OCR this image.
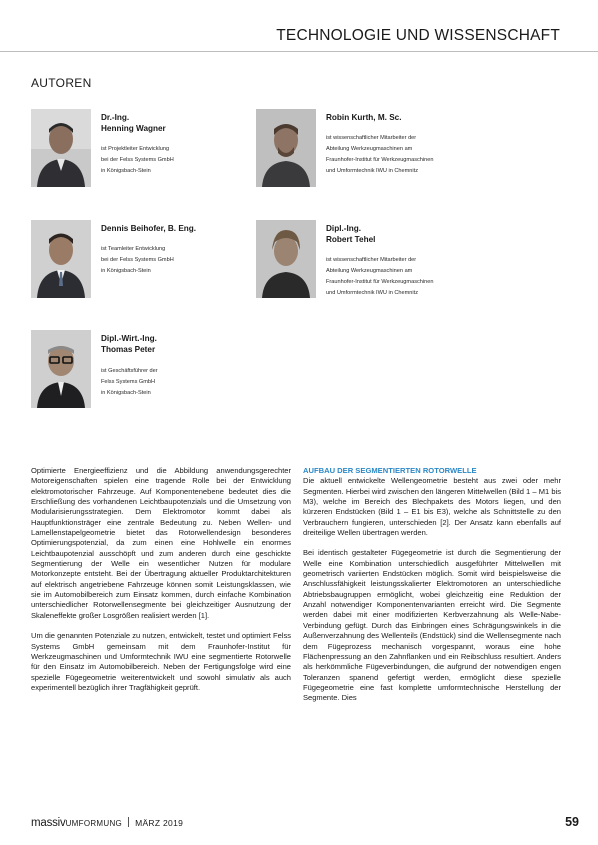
TECHNOLOGIE UND WISSENSCHAFT
AUTOREN
Dr.-Ing.
Henning Wagner
ist Projektleiter Entwicklung
bei der Felss Systems GmbH
in Königsbach-Stein
Robin Kurth, M. Sc.
ist wissenschaftlicher Mitarbeiter der
Abteilung Werkzeugmaschinen am
Fraunhofer-Institut für Werkzeugmaschinen
und Umformtechnik IWU in Chemnitz
Dennis Beihofer, B. Eng.
ist Teamleiter Entwicklung
bei der Felss Systems GmbH
in Königsbach-Stein
Dipl.-Ing.
Robert Tehel
ist wissenschaftlicher Mitarbeiter der
Abteilung Werkzeugmaschinen am
Fraunhofer-Institut für Werkzeugmaschinen
und Umformtechnik IWU in Chemnitz
Dipl.-Wirt.-Ing.
Thomas Peter
ist Geschäftsführer der
Felss Systems GmbH
in Königsbach-Stein

Optimierte Energieeffizienz und die Abbildung anwendungsgerechter Motoreigenschaften spielen eine tragende Rolle bei der Entwicklung elektromotorischer Fahrzeuge. Auf Komponentenebene bedeutet dies die Erschließung des vorhandenen Leichtbaupotenzials und die Umsetzung von Modularisierungsstrategien. Dem Elektromotor kommt dabei als Hauptfunktionsträger eine zentrale Bedeutung zu. Neben Wellen- und Lamellenstapelgeometrie bietet das Rotorwellendesign besonderes Optimierungspotenzial, da zum einen eine Hohlwelle ein enormes Leichtbaupotenzial ausschöpft und zum anderen durch eine geschickte Segmentierung der Welle ein wesentlicher Nutzen für modulare Motorkonzepte entsteht. Bei der Übertragung aktueller Produktarchitekturen auf elektrisch angetriebene Fahrzeuge können somit Leistungsklassen, wie sie im Automobilbereich zum Einsatz kommen, durch einfache Kombination unterschiedlicher Rotorwellensegmente bei gleichzeitiger Ausnutzung der Skaleneffekte großer Losgrößen realisiert werden [1].

Um die genannten Potenziale zu nutzen, entwickelt, testet und optimiert Felss Systems GmbH gemeinsam mit dem Fraunhofer-Institut für Werkzeugmaschinen und Umformtechnik IWU eine segmentierte Rotorwelle für den Einsatz im Automobilbereich. Neben der Fertigungsfolge wird eine spezielle Fügegeometrie weiterentwickelt und sowohl simulativ als auch experimentell bezüglich ihrer Tragfähigkeit geprüft.

AUFBAU DER SEGMENTIERTEN ROTORWELLE

Die aktuell entwickelte Wellengeometrie besteht aus zwei oder mehr Segmenten. Hierbei wird zwischen den längeren Mittelwellen (Bild 1 – M1 bis M3), welche im Bereich des Blechpakets des Motors liegen, und den kürzeren Endstücken (Bild 1 – E1 bis E3), welche als Schnittstelle zu den Verbrauchern fungieren, unterschieden [2]. Der Ansatz kann ebenfalls auf dreiteilige Wellen übertragen werden.

Bei identisch gestalteter Fügegeometrie ist durch die Segmentierung der Welle eine Kombination unterschiedlich ausgeführter Mittelwellen mit geometrisch variierten Endstücken möglich. Somit wird beispielsweise die Anschlussfähigkeit leistungsskalierter Elektromotoren an unterschiedliche Abtriebsbaugruppen ermöglicht, wobei gleichzeitig eine Reduktion der Anzahl notwendiger Komponentenvarianten erreicht wird. Die Segmente werden dabei mit einer modifizierten Kerbverzahnung als Welle-Nabe-Verbindung gefügt. Durch das Einbringen eines Schrägungswinkels in die Außenverzahnung des Wellenteils (Endstück) sind die Wellensegmente nach dem Fügeprozess mechanisch vorgespannt, woraus eine hohe Flächenpressung an den Zahnflanken und ein Reibschluss resultiert. Anders als herkömmliche Fügeverbindungen, die aufgrund der notwendigen engen Toleranzen spanend gefertigt werden, ermöglicht diese spezielle Fügegeometrie eine fast komplette umformtechnische Herstellung der Segmente. Dies

massivUMFORMUNG MÄRZ 2019	59
